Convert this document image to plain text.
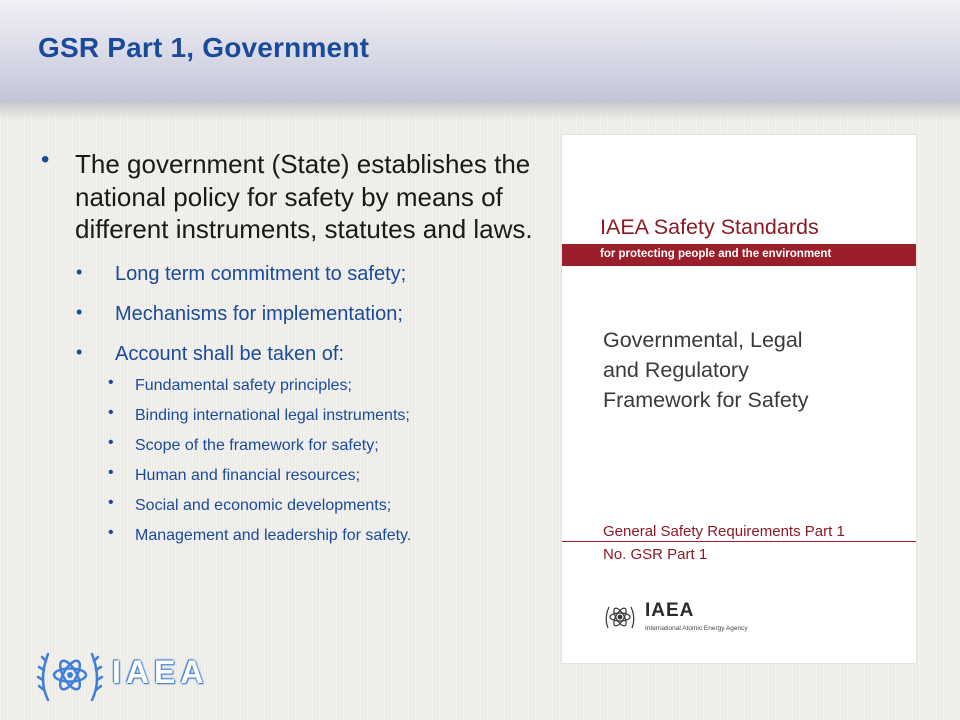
GSR Part 1, Government
• The government (State) establishes the national policy for safety by means of different instruments, statutes and laws.
• Long term commitment to safety;
• Mechanisms for implementation;
• Account shall be taken of:
• Fundamental safety principles;
• Binding international legal instruments;
• Scope of the framework for safety;
• Human and financial resources;
• Social and economic developments;
• Management and leadership for safety.
IAEA Safety Standards
for protecting people and the environment
Governmental, Legal
and Regulatory
Framework for Safety
General Safety Requirements Part 1
No. GSR Part 1
IAEA
International Atomic Energy Agency
IAEA
